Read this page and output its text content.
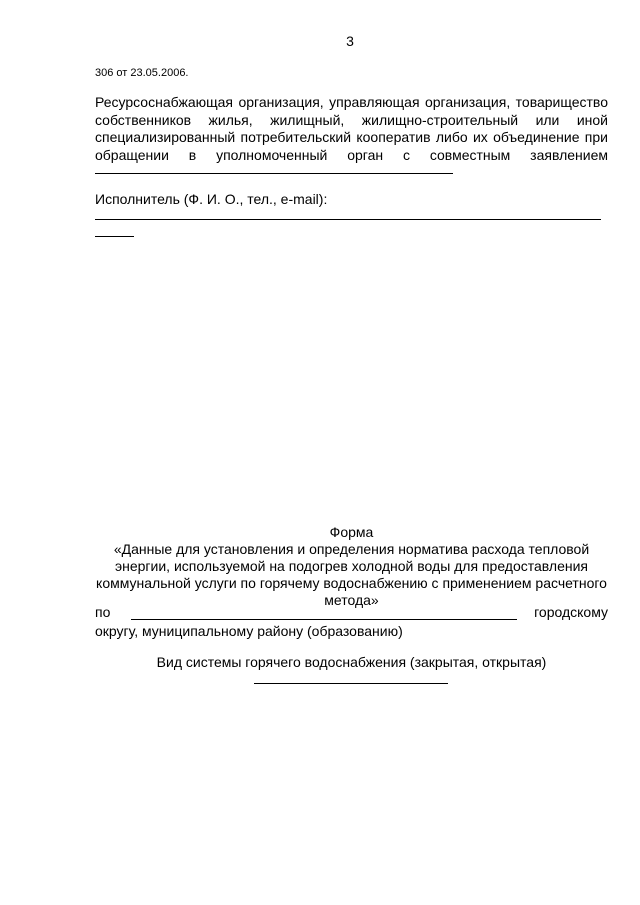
3
306 от 23.05.2006.
Ресурсоснабжающая организация, управляющая организация, товарищество
собственников жилья, жилищный, жилищно-строительный или иной
специализированный потребительский кооператив либо их объединение при
обращении в уполномоченный орган с совместным заявлением
Исполнитель (Ф. И. О., тел., e-mail):
Форма
«Данные для установления и определения норматива расхода тепловой
энергии, используемой на подогрев холодной воды для предоставления
коммунальной услуги по горячему водоснабжению с применением расчетного
метода»
по	городскому
округу, муниципальному району (образованию)
Вид системы горячего водоснабжения (закрытая, открытая)
